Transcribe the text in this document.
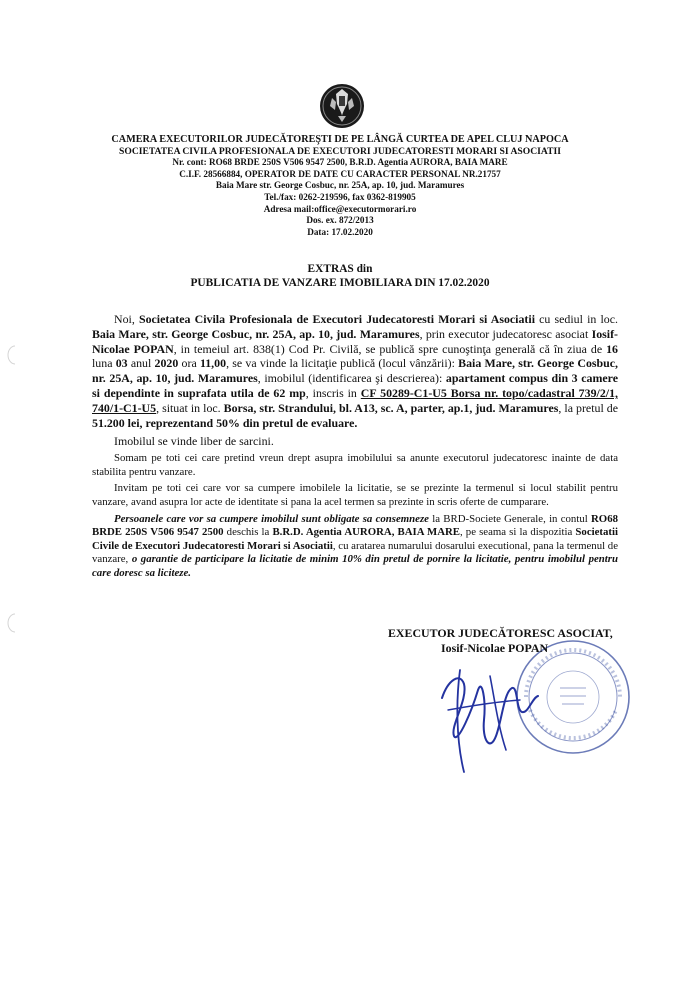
CAMERA EXECUTORILOR JUDECĂTOREŞTI DE PE LÂNGĂ CURTEA DE APEL CLUJ NAPOCA
SOCIETATEA CIVILA PROFESIONALA DE EXECUTORI JUDECATORESTI MORARI SI ASOCIATII
Nr. cont: RO68 BRDE 250S V506 9547 2500, B.R.D. Agentia AURORA, BAIA MARE
C.I.F. 28566884, OPERATOR DE DATE CU CARACTER PERSONAL NR.21757
Baia Mare str. George Cosbuc, nr. 25A, ap. 10, jud. Maramures
Tel./fax: 0262-219596, fax 0362-819905
Adresa mail:office@executormorari.ro
Dos. ex. 872/2013
Data: 17.02.2020
EXTRAS din
PUBLICATIA DE VANZARE IMOBILIARA DIN 17.02.2020

Noi, Societatea Civila Profesionala de Executori Judecatoresti Morari si Asociatii cu sediul in loc. Baia Mare, str. George Cosbuc, nr. 25A, ap. 10, jud. Maramures, prin executor judecatoresc asociat Iosif-Nicolae POPAN, in temeiul art. 838(1) Cod Pr. Civilă, se publică spre cunoştinţa generală că în ziua de 16 luna 03 anul 2020 ora 11,00, se va vinde la licitaţie publică (locul vânzării): Baia Mare, str. George Cosbuc, nr. 25A, ap. 10, jud. Maramures, imobilul (identificarea şi descrierea): apartament compus din 3 camere si dependinte in suprafata utila de 62 mp, inscris in CF 50289-C1-U5 Borsa nr. topo/cadastral 739/2/1, 740/1-C1-U5, situat in loc. Borsa, str. Strandului, bl. A13, sc. A, parter, ap.1, jud. Maramures, la pretul de 51.200 lei, reprezentand 50% din pretul de evaluare.

Imobilul se vinde liber de sarcini.

Somam pe toti cei care pretind vreun drept asupra imobilului sa anunte executorul judecatoresc inainte de data stabilita pentru vanzare.

Invitam pe toti cei care vor sa cumpere imobilele la licitatie, se se prezinte la termenul si locul stabilit pentru vanzare, avand asupra lor acte de identitate si pana la acel termen sa prezinte in scris oferte de cumparare.

Persoanele care vor sa cumpere imobilul sunt obligate sa consemneze la BRD-Societe Generale, in contul RO68 BRDE 250S V506 9547 2500 deschis la B.R.D. Agentia AURORA, BAIA MARE, pe seama si la dispozitia Societatii Civile de Executori Judecatoresti Morari si Asociatii, cu aratarea numarului dosarului executional, pana la termenul de vanzare, o garantie de participare la licitatie de minim 10% din pretul de pornire la licitatie, pentru imobilul pentru care doresc sa liciteze.

EXECUTOR JUDECĂTORESC ASOCIAT,
Iosif-Nicolae POPAN
